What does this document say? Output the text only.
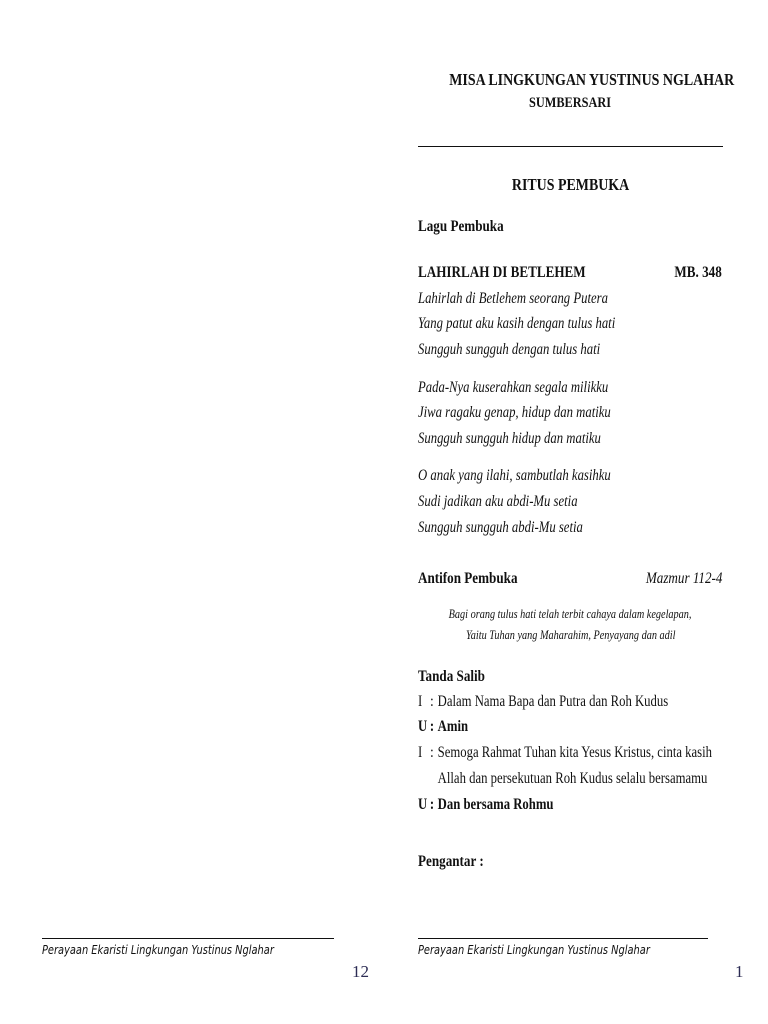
MISA LINGKUNGAN YUSTINUS NGLAHAR
SUMBERSARI
RITUS PEMBUKA
Lagu Pembuka
LAHIRLAH DI BETLEHEM	MB. 348
Lahirlah di Betlehem seorang Putera
Yang patut aku kasih dengan tulus hati
Sungguh sungguh dengan tulus hati
Pada-Nya kuserahkan segala milikku
Jiwa ragaku genap, hidup dan matiku
Sungguh sungguh hidup dan matiku
O anak yang ilahi, sambutlah kasihku
Sudi jadikan aku abdi-Mu setia
Sungguh sungguh abdi-Mu setia
Antifon Pembuka	Mazmur 112-4
Bagi orang tulus hati telah terbit cahaya dalam kegelapan,
Yaitu Tuhan yang Maharahim, Penyayang dan adil
Tanda Salib
I : Dalam Nama Bapa dan Putra dan Roh Kudus
U : Amin
I : Semoga Rahmat Tuhan kita Yesus Kristus, cinta kasih
Allah dan persekutuan Roh Kudus selalu bersamamu
U : Dan bersama Rohmu
Pengantar :
Perayaan Ekaristi Lingkungan Yustinus Nglahar
12
Perayaan Ekaristi Lingkungan Yustinus Nglahar
1
